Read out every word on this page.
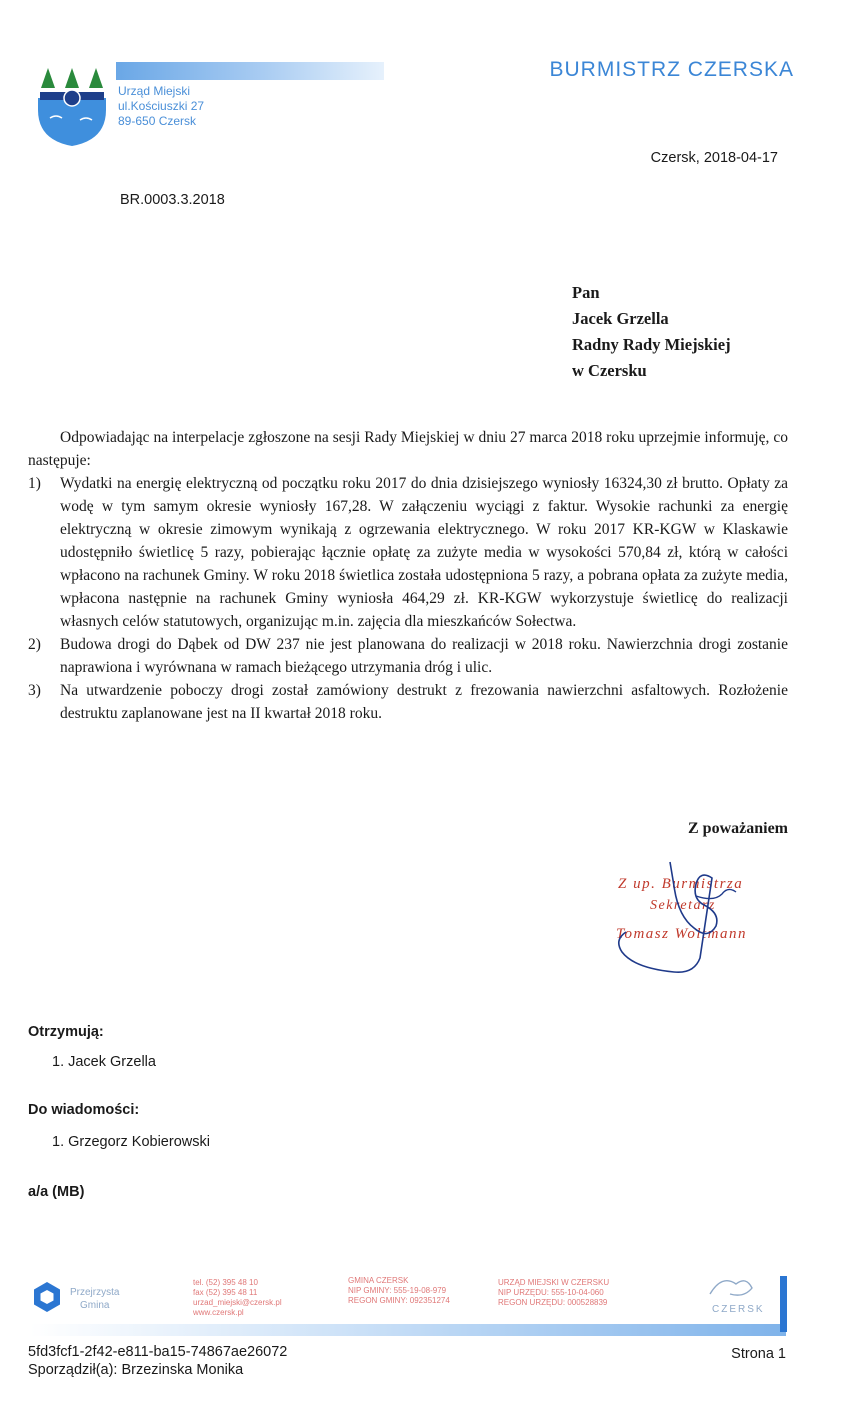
Urząd Miejski
ul.Kościuszki 27
89-650 Czersk
BURMISTRZ CZERSKA
Czersk, 2018-04-17
BR.0003.3.2018
Pan
Jacek Grzella
Radny Rady Miejskiej
w Czersku

Odpowiadając na interpelacje zgłoszone na sesji Rady Miejskiej w dniu 27 marca 2018 roku uprzejmie informuję, co następuje:

1)	Wydatki na energię elektryczną od początku roku 2017 do dnia dzisiejszego wyniosły 16324,30 zł brutto. Opłaty za wodę w tym samym okresie wyniosły 167,28. W załączeniu wyciągi z faktur. Wysokie rachunki za energię elektryczną w okresie zimowym wynikają z ogrzewania elektrycznego. W roku 2017 KR-KGW w Klaskawie udostępniło świetlicę 5 razy, pobierając łącznie opłatę za zużyte media w wysokości 570,84 zł, którą w całości wpłacono na rachunek Gminy. W roku 2018 świetlica została udostępniona 5 razy, a pobrana opłata za zużyte media, wpłacona następnie na rachunek Gminy wyniosła 464,29 zł. KR-KGW wykorzystuje świetlicę do realizacji własnych celów statutowych, organizując m.in. zajęcia dla mieszkańców Sołectwa.
2)	Budowa drogi do Dąbek od DW 237 nie jest planowana do realizacji w 2018 roku. Nawierzchnia drogi zostanie naprawiona i wyrównana w ramach bieżącego utrzymania dróg i ulic.
3)	Na utwardzenie poboczy drogi został zamówiony destrukt z frezowania nawierzchni asfaltowych. Rozłożenie destruktu zaplanowane jest na II kwartał 2018 roku.
Z poważaniem
Z up. Burmistrza
Sekretarz
Tomasz Woltmann
Otrzymują:
1. Jacek Grzella
Do wiadomości:
1. Grzegorz Kobierowski
a/a (MB)
Przejrzysta
Gmina
tel. (52) 395 48 10
fax (52) 395 48 11
urzad_miejski@czersk.pl
www.czersk.pl
GMINA CZERSK
NIP GMINY: 555-19-08-979
REGON GMINY: 092351274
URZĄD MIEJSKI W CZERSKU
NIP URZĘDU: 555-10-04-060
REGON URZĘDU: 000528839
CZERSK
5fd3fcf1-2f42-e811-ba15-74867ae26072
Sporządził(a): Brzezinska Monika
Strona 1
